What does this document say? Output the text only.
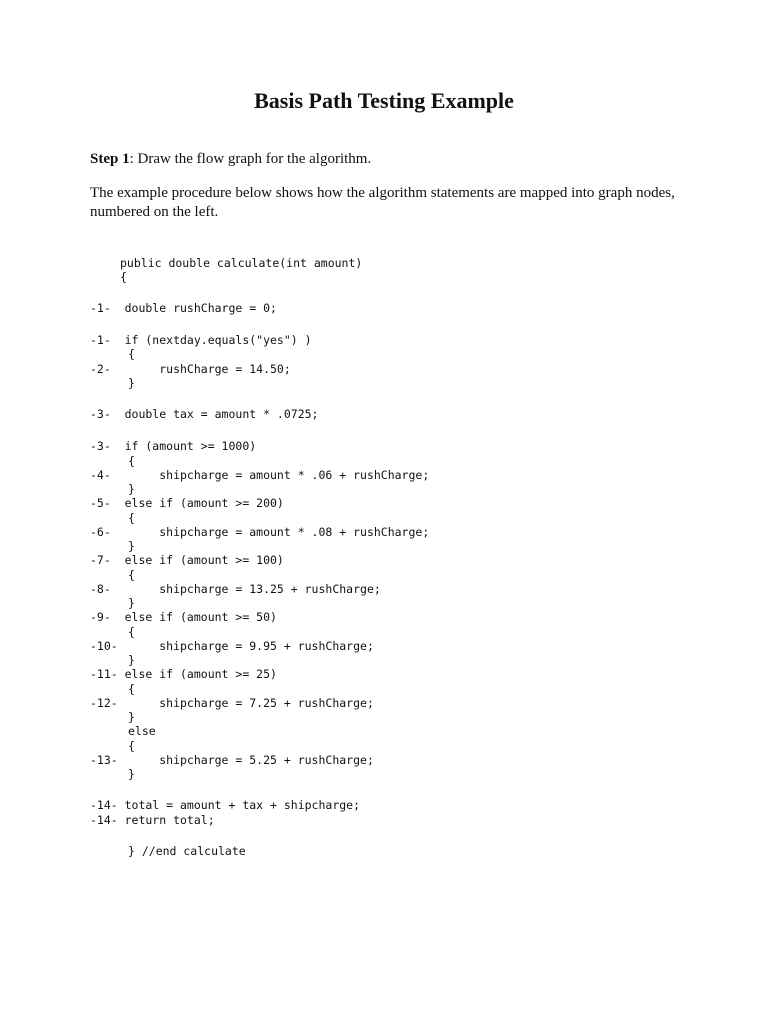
Basis Path Testing Example

Step 1: Draw the flow graph for the algorithm.

The example procedure below shows how the algorithm statements are mapped into graph nodes, numbered on the left.

public double calculate(int amount)
{
-1-  double rushCharge = 0;
-1-  if (nextday.equals("yes") )
{
-2-       rushCharge = 14.50;
}
-3-  double tax = amount * .0725;
-3-  if (amount >= 1000)
{
-4-       shipcharge = amount * .06 + rushCharge;
}
-5-  else if (amount >= 200)
{
-6-       shipcharge = amount * .08 + rushCharge;
}
-7-  else if (amount >= 100)
{
-8-       shipcharge = 13.25 + rushCharge;
}
-9-  else if (amount >= 50)
{
-10-      shipcharge = 9.95 + rushCharge;
}
-11- else if (amount >= 25)
{
-12-      shipcharge = 7.25 + rushCharge;
}
else
{
-13-      shipcharge = 5.25 + rushCharge;
}
-14- total = amount + tax + shipcharge;
-14- return total;
} //end calculate
